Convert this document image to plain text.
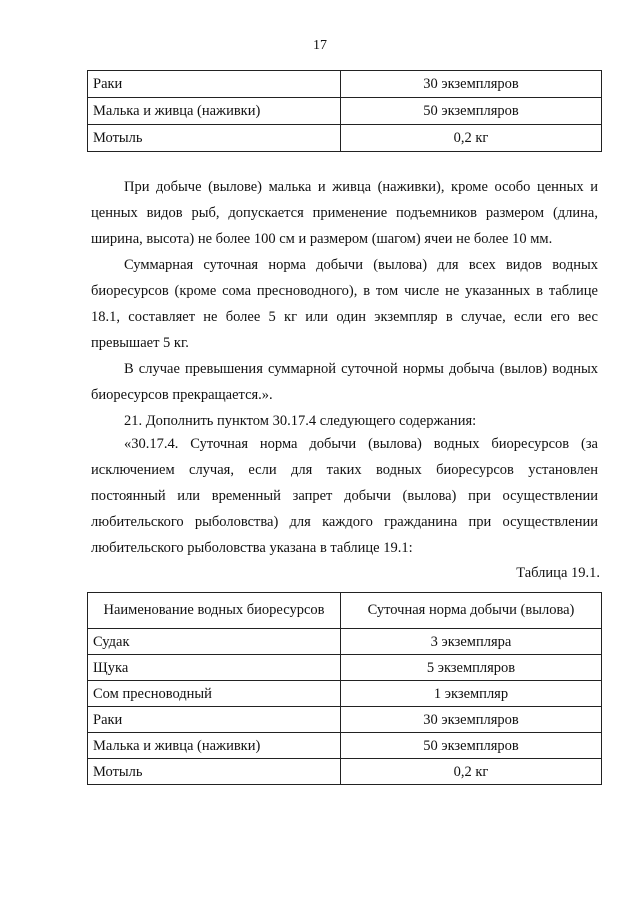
17
Раки	30 экземпляров
Малька и живца (наживки)	50 экземпляров
Мотыль	0,2 кг

При добыче (вылове) малька и живца (наживки), кроме особо ценных и ценных видов рыб, допускается применение подъемников размером (длина, ширина, высота) не более 100 см и размером (шагом) ячеи не более 10 мм.

Суммарная суточная норма добычи (вылова) для всех видов водных биоресурсов (кроме сома пресноводного), в том числе не указанных в таблице 18.1, составляет не более 5 кг или один экземпляр в случае, если его вес превышает 5 кг.

В случае превышения суммарной суточной нормы добыча (вылов) водных биоресурсов прекращается.».

21. Дополнить пунктом 30.17.4 следующего содержания:

«30.17.4. Суточная норма добычи (вылова) водных биоресурсов (за исключением случая, если для таких водных биоресурсов установлен постоянный или временный запрет добычи (вылова) при осуществлении любительского рыболовства) для каждого гражданина при осуществлении любительского рыболовства указана в таблице 19.1:

Таблица 19.1.
Наименование водных биоресурсов	Суточная норма добычи (вылова)
Судак	3 экземпляра
Щука	5 экземпляров
Сом пресноводный	1 экземпляр
Раки	30 экземпляров
Малька и живца (наживки)	50 экземпляров
Мотыль	0,2 кг
